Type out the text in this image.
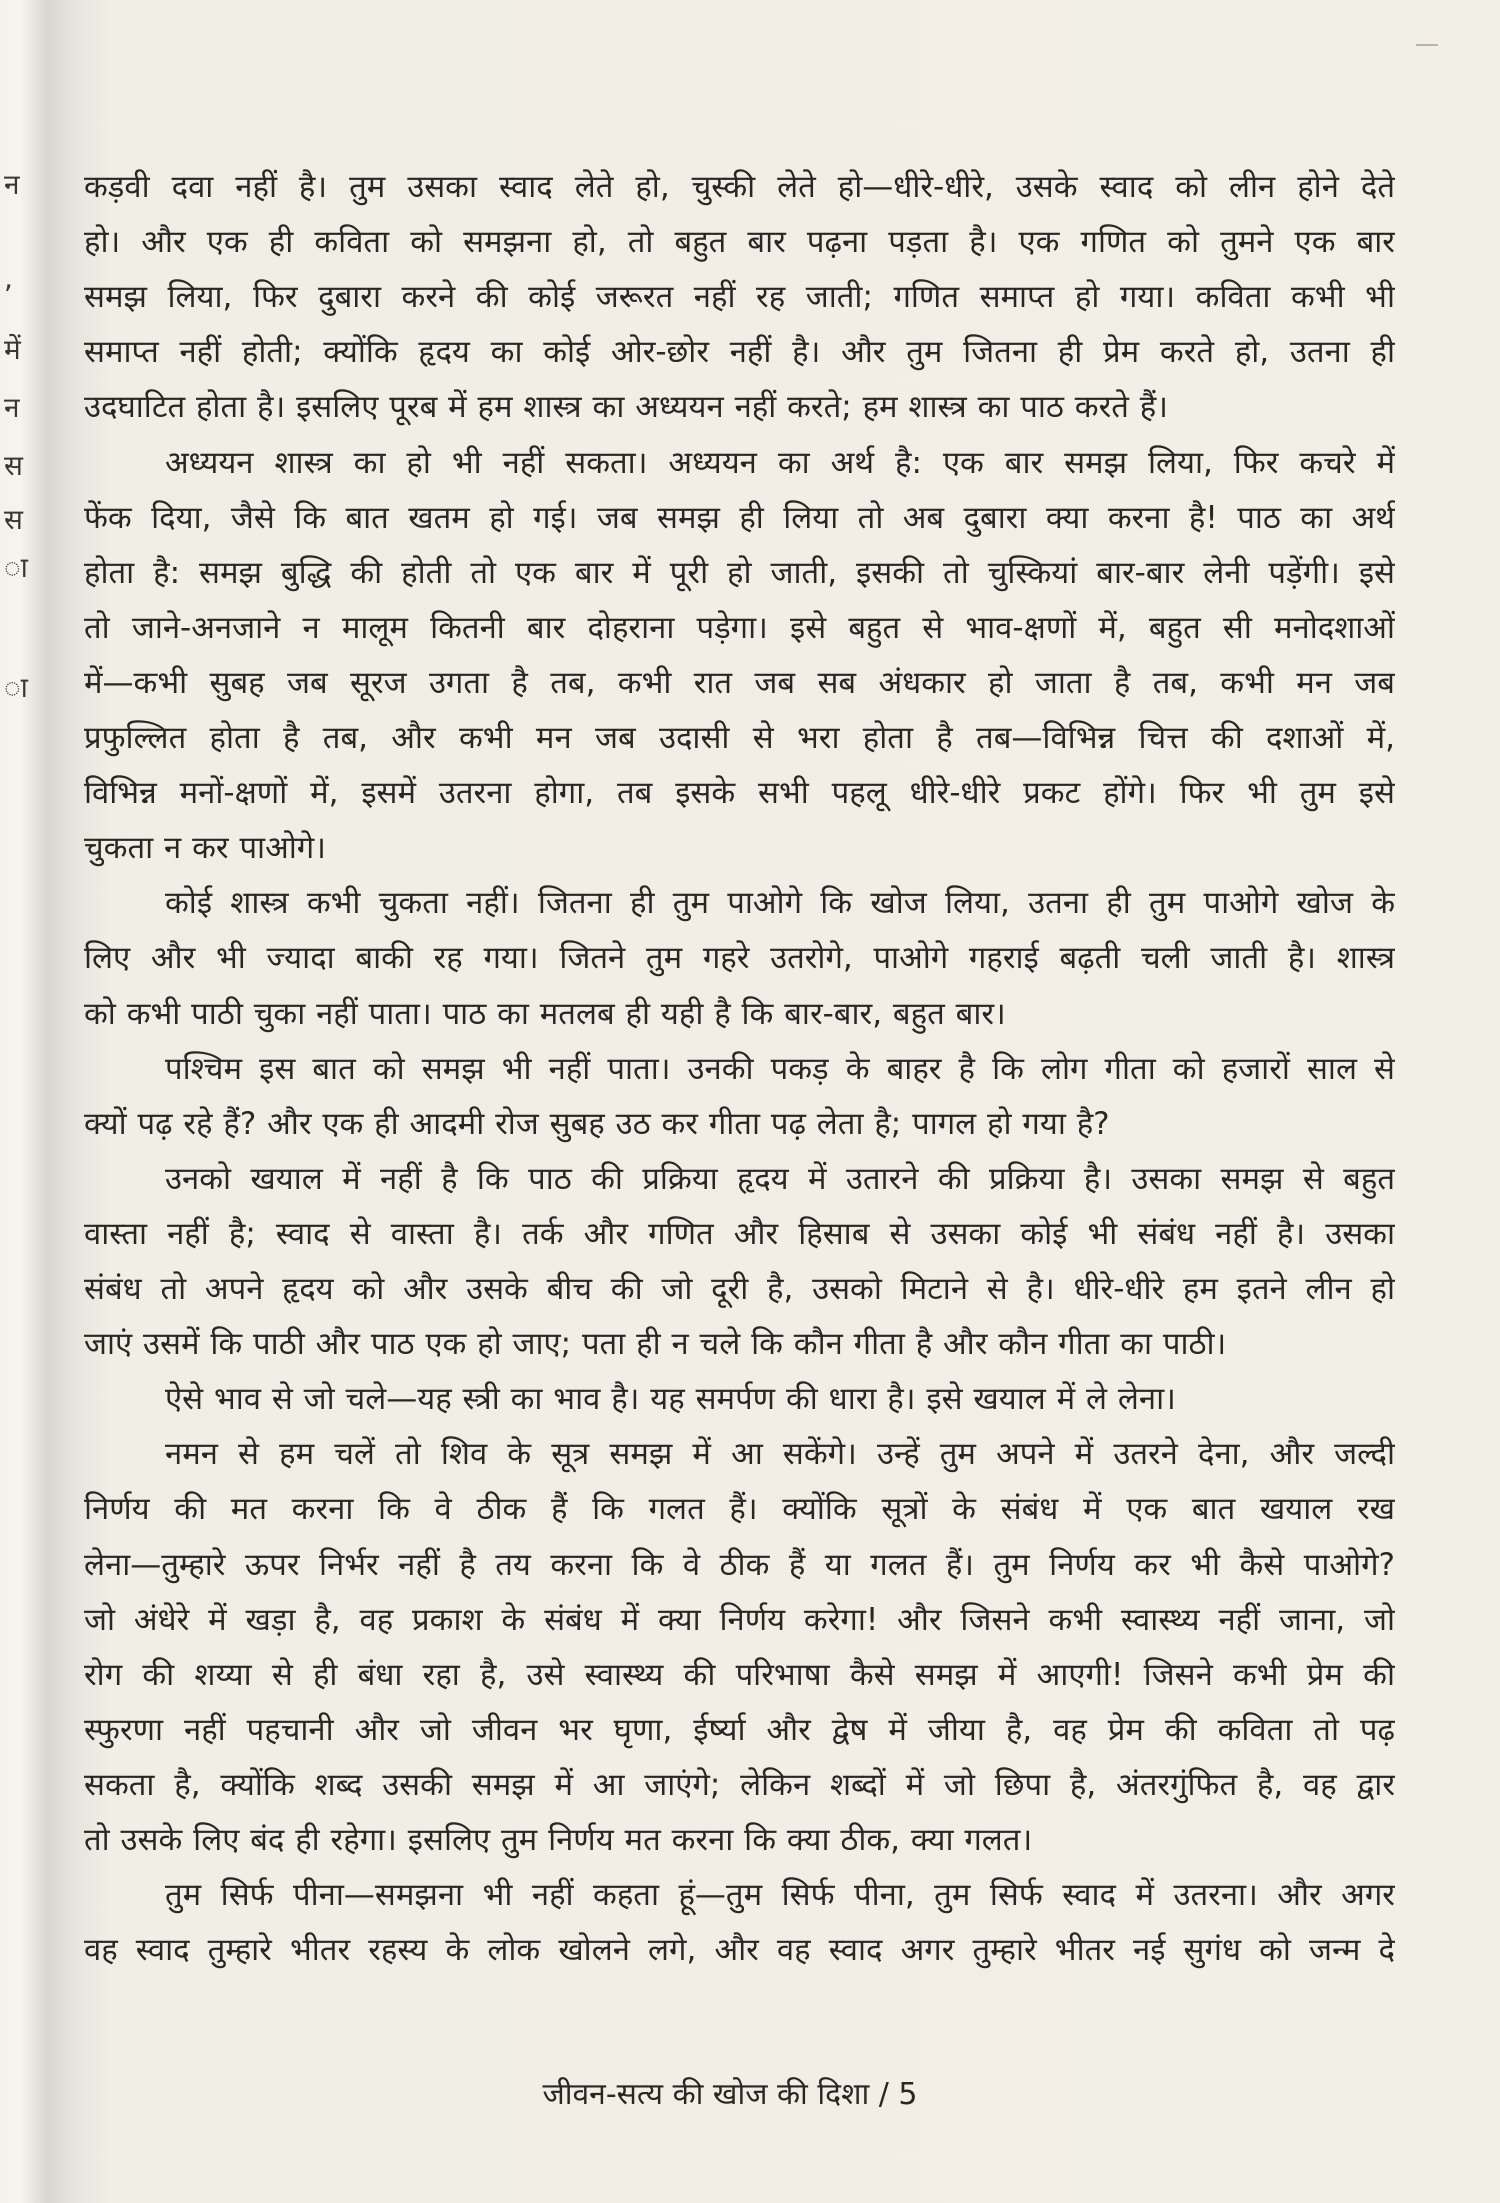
न
,
में
न
स
स
ा
ा
कड़वी दवा नहीं है। तुम उसका स्वाद लेते हो, चुस्की लेते हो—धीरे-धीरे, उसके स्वाद को लीन होने देते
हो। और एक ही कविता को समझना हो, तो बहुत बार पढ़ना पड़ता है। एक गणित को तुमने एक बार
समझ लिया, फिर दुबारा करने की कोई जरूरत नहीं रह जाती; गणित समाप्त हो गया। कविता कभी भी
समाप्त नहीं होती; क्योंकि हृदय का कोई ओर-छोर नहीं है। और तुम जितना ही प्रेम करते हो, उतना ही
उदघाटित होता है। इसलिए पूरब में हम शास्त्र का अध्ययन नहीं करते; हम शास्त्र का पाठ करते हैं।
अध्ययन शास्त्र का हो भी नहीं सकता। अध्ययन का अर्थ है: एक बार समझ लिया, फिर कचरे में
फेंक दिया, जैसे कि बात खतम हो गई। जब समझ ही लिया तो अब दुबारा क्या करना है! पाठ का अर्थ
होता है: समझ बुद्धि की होती तो एक बार में पूरी हो जाती, इसकी तो चुस्कियां बार-बार लेनी पड़ेंगी। इसे
तो जाने-अनजाने न मालूम कितनी बार दोहराना पड़ेगा। इसे बहुत से भाव-क्षणों में, बहुत सी मनोदशाओं
में—कभी सुबह जब सूरज उगता है तब, कभी रात जब सब अंधकार हो जाता है तब, कभी मन जब
प्रफुल्लित होता है तब, और कभी मन जब उदासी से भरा होता है तब—विभिन्न चित्त की दशाओं में,
विभिन्न मनों-क्षणों में, इसमें उतरना होगा, तब इसके सभी पहलू धीरे-धीरे प्रकट होंगे। फिर भी तुम इसे
चुकता न कर पाओगे।
कोई शास्त्र कभी चुकता नहीं। जितना ही तुम पाओगे कि खोज लिया, उतना ही तुम पाओगे खोज के
लिए और भी ज्यादा बाकी रह गया। जितने तुम गहरे उतरोगे, पाओगे गहराई बढ़ती चली जाती है। शास्त्र
को कभी पाठी चुका नहीं पाता। पाठ का मतलब ही यही है कि बार-बार, बहुत बार।
पश्चिम इस बात को समझ भी नहीं पाता। उनकी पकड़ के बाहर है कि लोग गीता को हजारों साल से
क्यों पढ़ रहे हैं? और एक ही आदमी रोज सुबह उठ कर गीता पढ़ लेता है; पागल हो गया है?
उनको खयाल में नहीं है कि पाठ की प्रक्रिया हृदय में उतारने की प्रक्रिया है। उसका समझ से बहुत
वास्ता नहीं है; स्वाद से वास्ता है। तर्क और गणित और हिसाब से उसका कोई भी संबंध नहीं है। उसका
संबंध तो अपने हृदय को और उसके बीच की जो दूरी है, उसको मिटाने से है। धीरे-धीरे हम इतने लीन हो
जाएं उसमें कि पाठी और पाठ एक हो जाए; पता ही न चले कि कौन गीता है और कौन गीता का पाठी।
ऐसे भाव से जो चले—यह स्त्री का भाव है। यह समर्पण की धारा है। इसे खयाल में ले लेना।
नमन से हम चलें तो शिव के सूत्र समझ में आ सकेंगे। उन्हें तुम अपने में उतरने देना, और जल्दी
निर्णय की मत करना कि वे ठीक हैं कि गलत हैं। क्योंकि सूत्रों के संबंध में एक बात खयाल रख
लेना—तुम्हारे ऊपर निर्भर नहीं है तय करना कि वे ठीक हैं या गलत हैं। तुम निर्णय कर भी कैसे पाओगे?
जो अंधेरे में खड़ा है, वह प्रकाश के संबंध में क्या निर्णय करेगा! और जिसने कभी स्वास्थ्य नहीं जाना, जो
रोग की शय्या से ही बंधा रहा है, उसे स्वास्थ्य की परिभाषा कैसे समझ में आएगी! जिसने कभी प्रेम की
स्फुरणा नहीं पहचानी और जो जीवन भर घृणा, ईर्ष्या और द्वेष में जीया है, वह प्रेम की कविता तो पढ़
सकता है, क्योंकि शब्द उसकी समझ में आ जाएंगे; लेकिन शब्दों में जो छिपा है, अंतरगुंफित है, वह द्वार
तो उसके लिए बंद ही रहेगा। इसलिए तुम निर्णय मत करना कि क्या ठीक, क्या गलत।
तुम सिर्फ पीना—समझना भी नहीं कहता हूं—तुम सिर्फ पीना, तुम सिर्फ स्वाद में उतरना। और अगर
वह स्वाद तुम्हारे भीतर रहस्य के लोक खोलने लगे, और वह स्वाद अगर तुम्हारे भीतर नई सुगंध को जन्म दे
जीवन-सत्य की खोज की दिशा / 5
